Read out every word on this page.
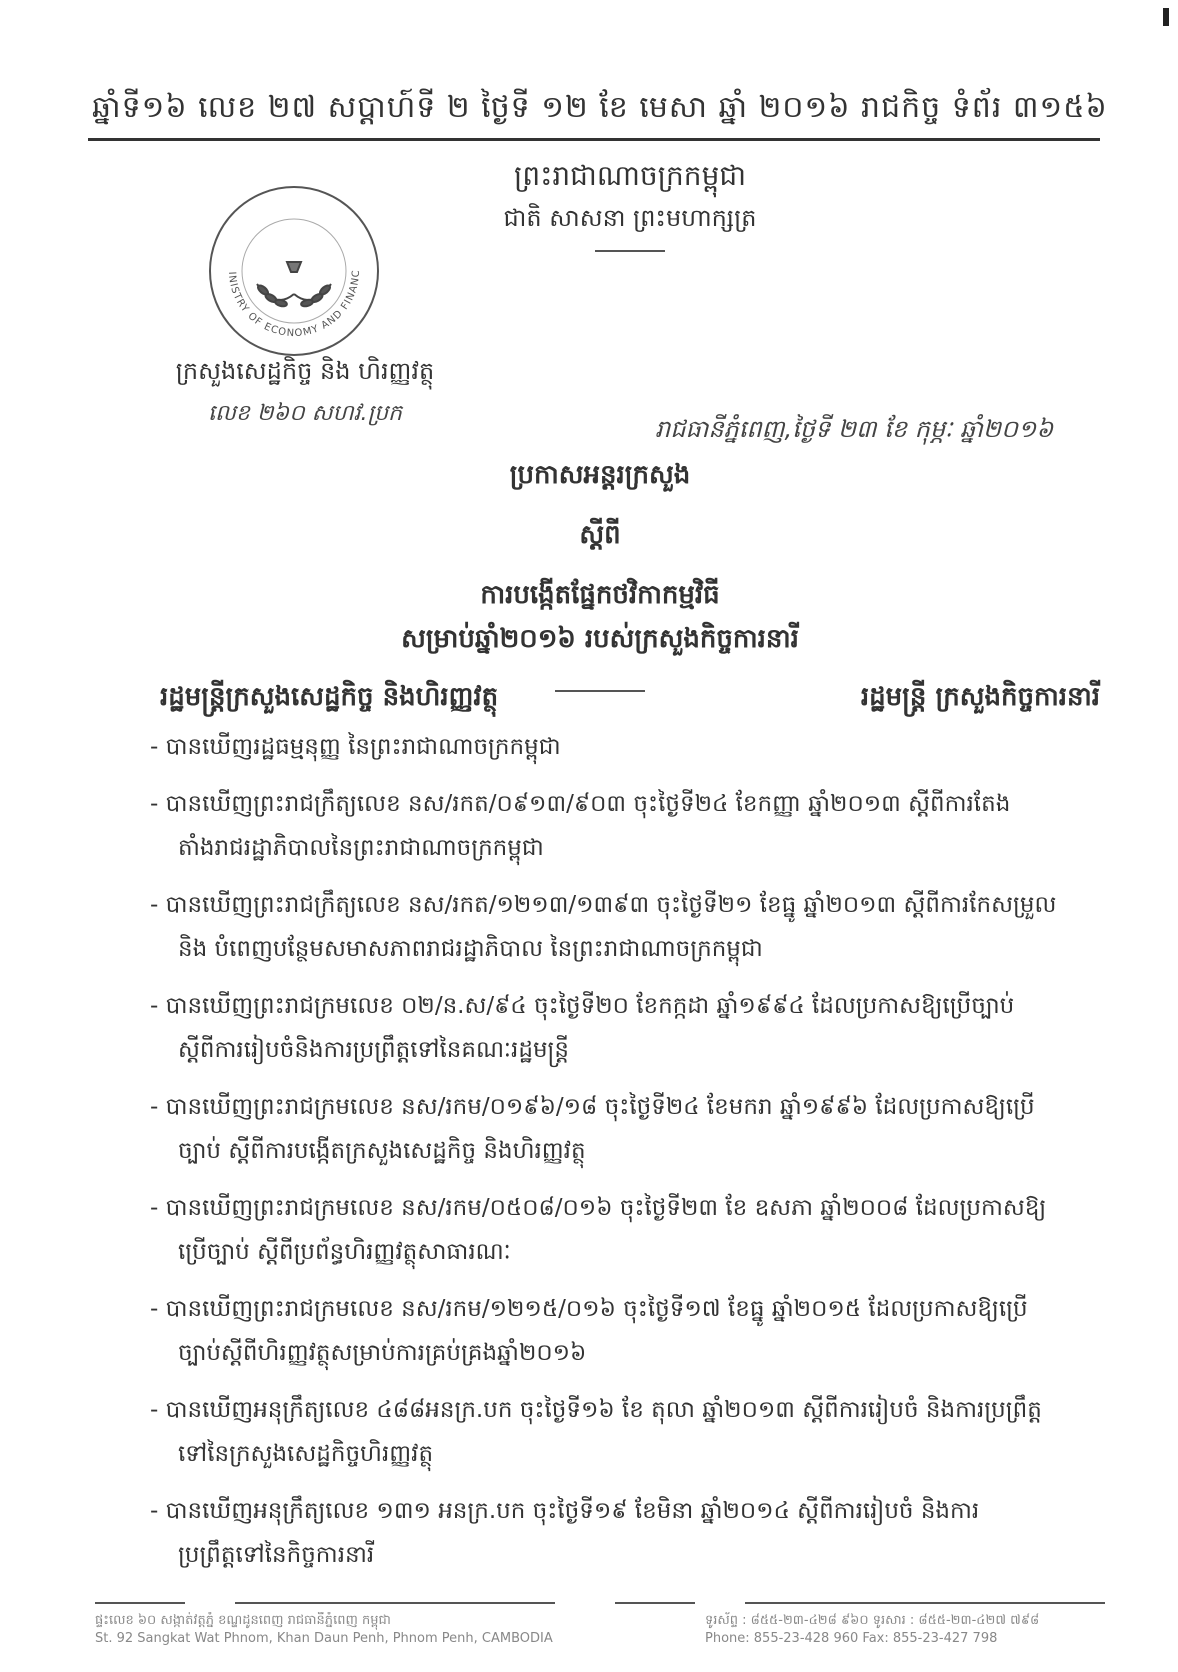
ឆ្នាំទី១៦ លេខ ២៧ សប្តាហ៍ទី ២ ថ្ងៃទី ១២ ខែ មេសា ឆ្នាំ ២០១៦ រាជកិច្ច ទំព័រ ៣១៥៦
ព្រះរាជាណាចក្រកម្ពុជា
ជាតិ សាសនា ព្រះមហាក្សត្រ
INISTRY OF ECONOMY AND FINANC
ក្រសួងសេដ្ឋកិច្ច និង ហិរញ្ញវត្ថុ
លេខ ២៦០ សហវ.ប្រក
រាជធានីភ្នំពេញ,ថ្ងៃទី ២៣ ខែ កុម្ភៈ ឆ្នាំ២០១៦
ប្រកាសអន្តរក្រសួង
ស្តីពី
ការបង្កើតផ្នែកថវិកាកម្មវិធី
សម្រាប់ឆ្នាំ២០១៦ របស់ក្រសួងកិច្ចការនារី
រដ្ឋមន្ត្រីក្រសួងសេដ្ឋកិច្ច និងហិរញ្ញវត្ថុ	រដ្ឋមន្ត្រី ក្រសួងកិច្ចការនារី
- បានឃើញរដ្ឋធម្មនុញ្ញ នៃព្រះរាជាណាចក្រកម្ពុជា
- បានឃើញព្រះរាជក្រឹត្យលេខ នស/រកត/០៩១៣/៩០៣ ចុះថ្ងៃទី២៤ ខែកញ្ញា ឆ្នាំ២០១៣ ស្តីពីការតែង
តាំងរាជរដ្ឋាភិបាលនៃព្រះរាជាណាចក្រកម្ពុជា
- បានឃើញព្រះរាជក្រឹត្យលេខ នស/រកត/១២១៣/១៣៩៣ ចុះថ្ងៃទី២១ ខែធ្នូ ឆ្នាំ២០១៣ ស្តីពីការកែសម្រួល
និង បំពេញបន្ថែមសមាសភាពរាជរដ្ឋាភិបាល នៃព្រះរាជាណាចក្រកម្ពុជា
- បានឃើញព្រះរាជក្រមលេខ ០២/ន.ស/៩៤ ចុះថ្ងៃទី២០ ខែកក្កដា ឆ្នាំ១៩៩៤ ដែលប្រកាសឱ្យប្រើច្បាប់
ស្តីពីការរៀបចំនិងការប្រព្រឹត្តទៅនៃគណៈរដ្ឋមន្ត្រី
- បានឃើញព្រះរាជក្រមលេខ នស/រកម/០១៩៦/១៨ ចុះថ្ងៃទី២៤ ខែមករា ឆ្នាំ១៩៩៦ ដែលប្រកាសឱ្យប្រើ
ច្បាប់ ស្តីពីការបង្កើតក្រសួងសេដ្ឋកិច្ច និងហិរញ្ញវត្ថុ
- បានឃើញព្រះរាជក្រមលេខ នស/រកម/០៥០៨/០១៦ ចុះថ្ងៃទី២៣ ខែ ឧសភា ឆ្នាំ២០០៨ ដែលប្រកាសឱ្យ
ប្រើច្បាប់ ស្តីពីប្រព័ន្ធហិរញ្ញវត្ថុសាធារណៈ
- បានឃើញព្រះរាជក្រមលេខ នស/រកម/១២១៥/០១៦ ចុះថ្ងៃទី១៧ ខែធ្នូ ឆ្នាំ២០១៥ ដែលប្រកាសឱ្យប្រើ
ច្បាប់ស្តីពីហិរញ្ញវត្ថុសម្រាប់ការគ្រប់គ្រងឆ្នាំ២០១៦
- បានឃើញអនុក្រឹត្យលេខ ៤៨៨អនក្រ.បក ចុះថ្ងៃទី១៦ ខែ តុលា ឆ្នាំ២០១៣ ស្តីពីការរៀបចំ និងការប្រព្រឹត្ត
ទៅនៃក្រសួងសេដ្ឋកិច្ចហិរញ្ញវត្ថុ
- បានឃើញអនុក្រឹត្យលេខ ១៣១ អនក្រ.បក ចុះថ្ងៃទី១៩ ខែមិនា ឆ្នាំ២០១៤ ស្តីពីការរៀបចំ និងការ
ប្រព្រឹត្តទៅនៃកិច្ចការនារី
ផ្ទះលេខ ៦០ សង្កាត់វត្តភ្នំ ខណ្ឌដូនពេញ រាជធានីភ្នំពេញ កម្ពុជា
St. 92 Sangkat Wat Phnom, Khan Daun Penh, Phnom Penh, CAMBODIA
ទូរស័ព្ទ : ៨៥៥-២៣-៤២៨ ៩៦០ ទូរសារ : ៨៥៥-២៣-៤២៧ ៧៩៨
Phone: 855-23-428 960 Fax: 855-23-427 798
